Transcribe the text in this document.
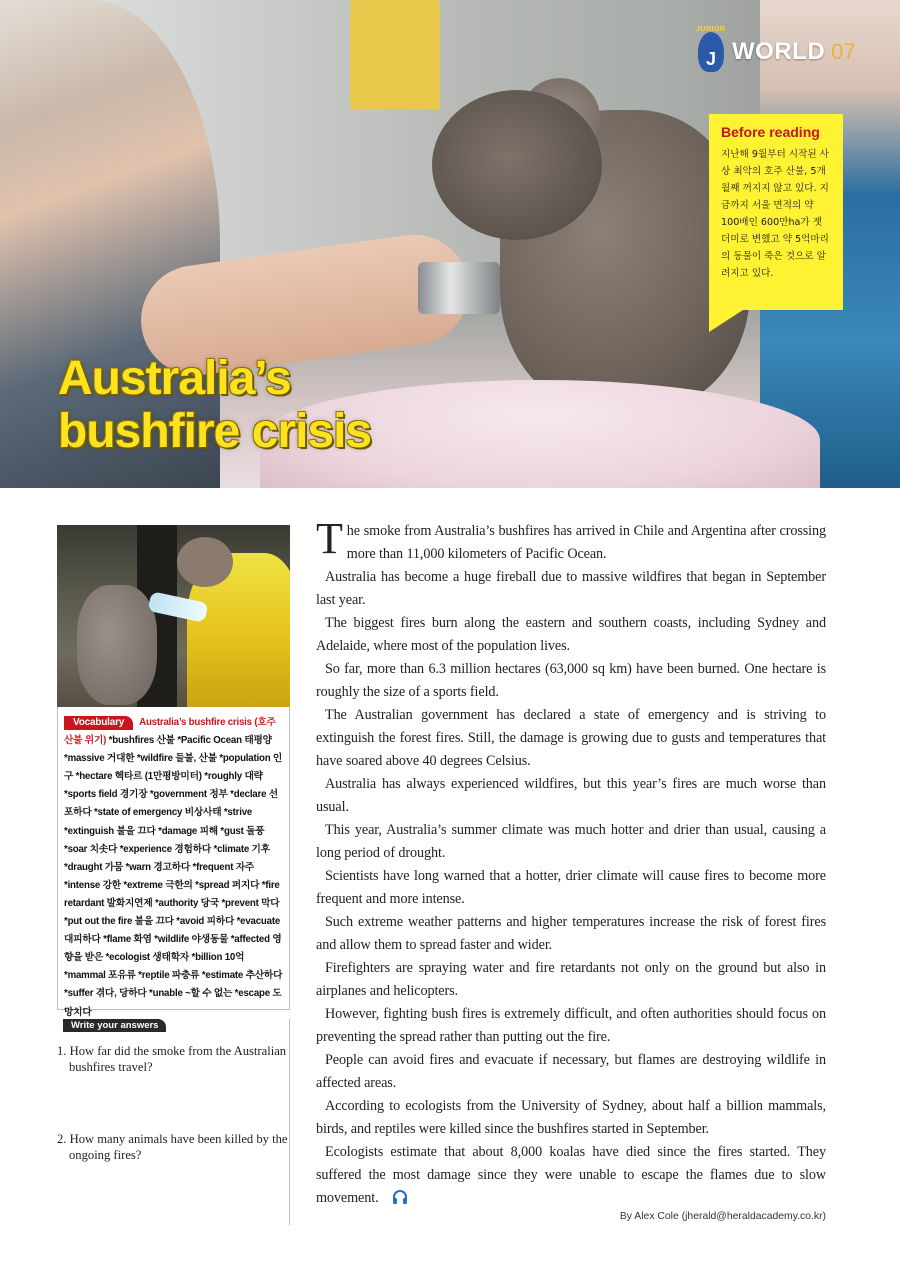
JUNIOR
J WORLD 07
Before reading

지난해 9월부터 시작된 사상 최악의 호주 산불, 5개월째 꺼지지 않고 있다. 지금까지 서울 면적의 약 100배인 600만ha가 잿더미로 변했고 약 5억마리의 동물이 죽은 것으로 알려지고 있다.

Australia’s
bushfire crisis

Vocabulary Australia’s bushfire crisis (호주 산불 위기) *bushfires 산불 *Pacific Ocean 태평양 *massive 거대한 *wildfire 들불, 산불 *population 인구 *hectare 헥타르 (1만평방미터) *roughly 대략 *sports field 경기장 *government 정부 *declare 선포하다 *state of emergency 비상사태 *strive *extinguish 불을 끄다 *damage 피해 *gust 돌풍 *soar 치솟다 *experience 경험하다 *climate 기후 *draught 가뭄 *warn 경고하다 *frequent 자주 *intense 강한 *extreme 극한의 *spread 퍼지다 *fire retardant 발화지연제 *authority 당국 *prevent 막다 *put out the fire 불을 끄다 *avoid 피하다 *evacuate 대피하다 *flame 화염 *wildlife 야생동물 *affected 영향을 받은 *ecologist 생태학자 *billion 10억 *mammal 포유류 *reptile 파충류 *estimate 추산하다 *suffer 겪다, 당하다 *unable ~할 수 없는 *escape 도망치다

Write your answers
1. How far did the smoke from the Australian bushfires travel?
2. How many animals have been killed by the ongoing fires?

The smoke from Australia’s bushfires has arrived in Chile and Argentina after crossing more than 11,000 kilometers of Pacific Ocean.

Australia has become a huge fireball due to massive wildfires that began in September last year.

The biggest fires burn along the eastern and southern coasts, including Sydney and Adelaide, where most of the population lives.

So far, more than 6.3 million hectares (63,000 sq km) have been burned. One hectare is roughly the size of a sports field.

The Australian government has declared a state of emergency and is striving to extinguish the forest fires. Still, the damage is growing due to gusts and temperatures that have soared above 40 degrees Celsius.

Australia has always experienced wildfires, but this year’s fires are much worse than usual.

This year, Australia’s summer climate was much hotter and drier than usual, causing a long period of drought.

Scientists have long warned that a hotter, drier climate will cause fires to become more frequent and more intense.

Such extreme weather patterns and higher temperatures increase the risk of forest fires and allow them to spread faster and wider.

Firefighters are spraying water and fire retardants not only on the ground but also in airplanes and helicopters.

However, fighting bush fires is extremely difficult, and often authorities should focus on preventing the spread rather than putting out the fire.

People can avoid fires and evacuate if necessary, but flames are destroying wildlife in affected areas.

According to ecologists from the University of Sydney, about half a billion mammals, birds, and reptiles were killed since the bushfires started in September.

Ecologists estimate that about 8,000 koalas have died since the fires started. They suffered the most damage since they were unable to escape the flames due to slow movement.

By Alex Cole (jherald@heraldacademy.co.kr)
